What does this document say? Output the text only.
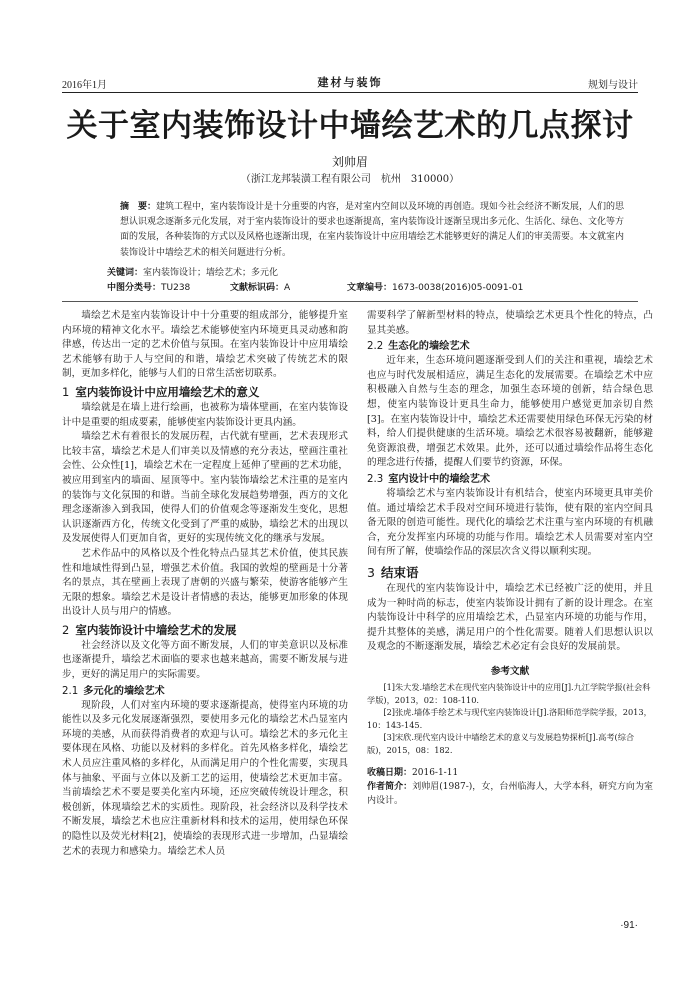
2016年1月	建材与装饰	规划与设计
关于室内装饰设计中墙绘艺术的几点探讨
刘帅眉
（浙江龙邦装潢工程有限公司　杭州　310000）
摘　要：建筑工程中，室内装饰设计是十分重要的内容，是对室内空间以及环境的再创造。现如今社会经济不断发展，人们的思想认识观念逐渐多元化发展，对于室内装饰设计的要求也逐渐提高，室内装饰设计逐渐呈现出多元化、生活化、绿色、文化等方面的发展，各种装饰的方式以及风格也逐渐出现，在室内装饰设计中应用墙绘艺术能够更好的满足人们的审美需要。本文就室内装饰设计中墙绘艺术的相关问题进行分析。
关键词：室内装饰设计；墙绘艺术；多元化
中图分类号：TU238	文献标识码：A	文章编号：1673-0038(2016)05-0091-01

墙绘艺术是室内装饰设计中十分重要的组成部分，能够提升室内环境的精神文化水平。墙绘艺术能够使室内环境更具灵动感和韵律感，传达出一定的艺术价值与氛围。在室内装饰设计中应用墙绘艺术能够有助于人与空间的和谐，墙绘艺术突破了传统艺术的限制，更加多样化，能够与人们的日常生活密切联系。

1 室内装饰设计中应用墙绘艺术的意义

墙绘就是在墙上进行绘画，也被称为墙体壁画，在室内装饰设计中是重要的组成要素，能够使室内装饰设计更具内涵。

墙绘艺术有着很长的发展历程，古代就有壁画，艺术表现形式比较丰富，墙绘艺术是人们审美以及情感的充分表达，壁画注重社会性、公众性[1]，墙绘艺术在一定程度上延伸了壁画的艺术功能，被应用到室内的墙面、屋顶等中。室内装饰墙绘艺术注重的是室内的装饰与文化氛围的和谐。当前全球化发展趋势增强，西方的文化理念逐渐渗入到我国，使得人们的价值观念等逐渐发生变化，思想认识逐渐西方化，传统文化受到了严重的威胁，墙绘艺术的出现以及发展使得人们更加自省，更好的实现传统文化的继承与发展。

艺术作品中的风格以及个性化特点凸显其艺术价值，使其民族性和地域性得到凸显，增强艺术价值。我国的敦煌的壁画是十分著名的景点，其在壁画上表现了唐朝的兴盛与繁荣，使游客能够产生无限的想象。墙绘艺术是设计者情感的表达，能够更加形象的体现出设计人员与用户的情感。

2 室内装饰设计中墙绘艺术的发展

社会经济以及文化等方面不断发展，人们的审美意识以及标准也逐渐提升，墙绘艺术面临的要求也越来越高，需要不断发展与进步，更好的满足用户的实际需要。

2.1 多元化的墙绘艺术

现阶段，人们对室内环境的要求逐渐提高，使得室内环境的功能性以及多元化发展逐渐强烈，要使用多元化的墙绘艺术凸显室内环境的美感，从而获得消费者的欢迎与认可。墙绘艺术的多元化主要体现在风格、功能以及材料的多样化。首先风格多样化，墙绘艺术人员应注重风格的多样化，从而满足用户的个性化需要，实现具体与抽象、平面与立体以及新工艺的运用，使墙绘艺术更加丰富。当前墙绘艺术不要是要美化室内环境，还应突破传统设计理念，积极创新，体现墙绘艺术的实质性。现阶段，社会经济以及科学技术不断发展，墙绘艺术也应注重新材料和技术的运用，使用绿色环保的隐性以及荧光材料[2]，使墙绘的表现形式进一步增加，凸显墙绘艺术的表现力和感染力。墙绘艺术人员

需要科学了解新型材料的特点，使墙绘艺术更具个性化的特点，凸显其美感。

2.2 生态化的墙绘艺术

近年来，生态环境问题逐渐受到人们的关注和重视，墙绘艺术也应与时代发展相适应，满足生态化的发展需要。在墙绘艺术中应积极融入自然与生态的理念，加强生态环境的创新，结合绿色思想，使室内装饰设计更具生命力，能够使用户感觉更加亲切自然[3]。在室内装饰设计中，墙绘艺术还需要使用绿色环保无污染的材料，给人们提供健康的生活环境。墙绘艺术很容易被翻新，能够避免资源浪费，增强艺术效果。此外，还可以通过墙绘作品将生态化的理念进行传播，提醒人们要节约资源，环保。

2.3 室内设计中的墙绘艺术

将墙绘艺术与室内装饰设计有机结合，使室内环境更具审美价值。通过墙绘艺术手段对空间环境进行装饰，使有限的室内空间具备无限的创造可能性。现代化的墙绘艺术注重与室内环境的有机融合，充分发挥室内环境的功能与作用。墙绘艺术人员需要对室内空间有所了解，使墙绘作品的深层次含义得以顺利实现。

3 结束语

在现代的室内装饰设计中，墙绘艺术已经被广泛的使用，并且成为一种时尚的标志，使室内装饰设计拥有了新的设计理念。在室内装饰设计中科学的应用墙绘艺术，凸显室内环境的功能与作用，提升其整体的美感，满足用户的个性化需要。随着人们思想认识以及观念的不断逐渐发展，墙绘艺术必定有会良好的发展前景。

参考文献

[1]朱大发.墙绘艺术在现代室内装饰设计中的应用[J].九江学院学报(社会科学版)，2013，02：108-110.

[2]张虎.墙体手绘艺术与现代室内装饰设计[J].洛阳师范学院学报，2013，10：143-145.

[3]宋欣.现代室内设计中墙绘艺术的意义与发展趋势探析[J].高考(综合版)，2015，08：182.

收稿日期：2016-1-11

作者简介：刘帅眉(1987-)，女，台州临海人，大学本科，研究方向为室内设计。

·91·
